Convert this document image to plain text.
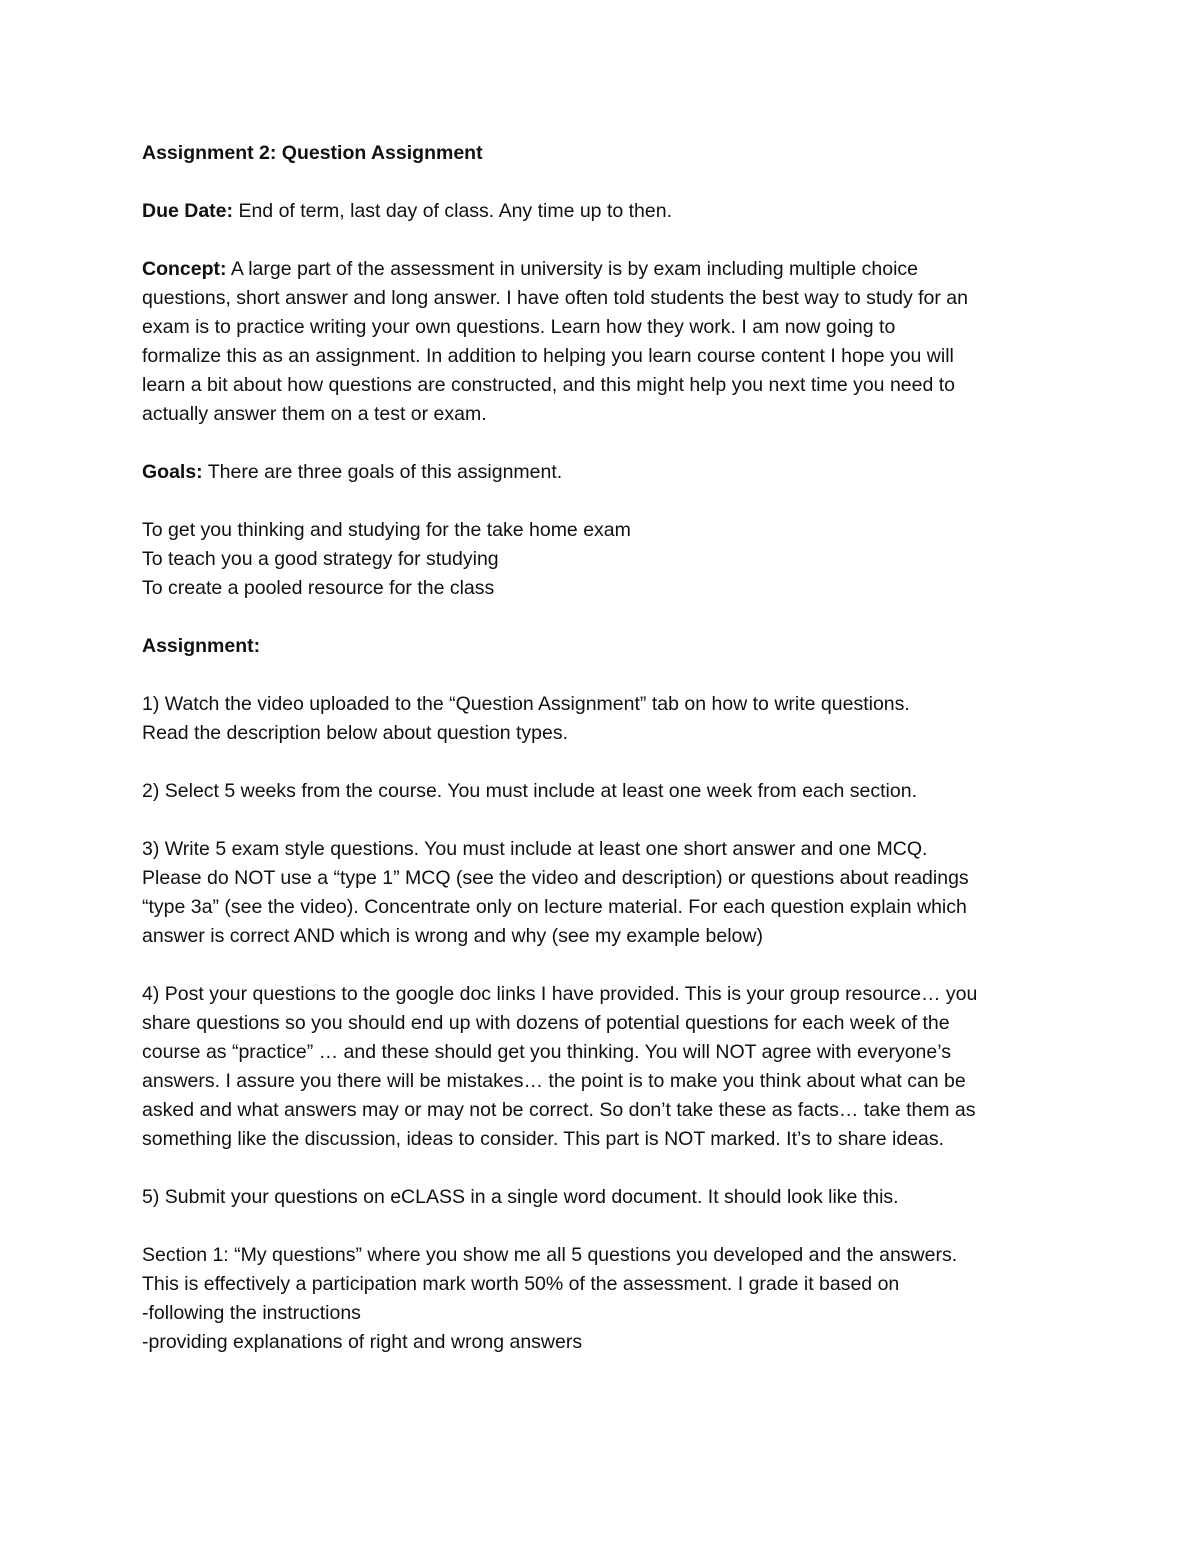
Assignment 2: Question Assignment
Due Date: End of term, last day of class. Any time up to then.
Concept: A large part of the assessment in university is by exam including multiple choice
questions, short answer and long answer. I have often told students the best way to study for an
exam is to practice writing your own questions. Learn how they work. I am now going to
formalize this as an assignment. In addition to helping you learn course content I hope you will
learn a bit about how questions are constructed, and this might help you next time you need to
actually answer them on a test or exam.
Goals: There are three goals of this assignment.
To get you thinking and studying for the take home exam
To teach you a good strategy for studying
To create a pooled resource for the class
Assignment:
1) Watch the video uploaded to the “Question Assignment” tab on how to write questions.
Read the description below about question types.
2) Select 5 weeks from the course. You must include at least one week from each section.
3) Write 5 exam style questions. You must include at least one short answer and one MCQ.
Please do NOT use a “type 1” MCQ (see the video and description) or questions about readings
“type 3a” (see the video). Concentrate only on lecture material. For each question explain which
answer is correct AND which is wrong and why (see my example below)
4) Post your questions to the google doc links I have provided. This is your group resource… you
share questions so you should end up with dozens of potential questions for each week of the
course as “practice” … and these should get you thinking. You will NOT agree with everyone’s
answers. I assure you there will be mistakes… the point is to make you think about what can be
asked and what answers may or may not be correct. So don’t take these as facts… take them as
something like the discussion, ideas to consider. This part is NOT marked. It’s to share ideas.
5) Submit your questions on eCLASS in a single word document. It should look like this.
Section 1: “My questions” where you show me all 5 questions you developed and the answers.
This is effectively a participation mark worth 50% of the assessment. I grade it based on
-following the instructions
-providing explanations of right and wrong answers
